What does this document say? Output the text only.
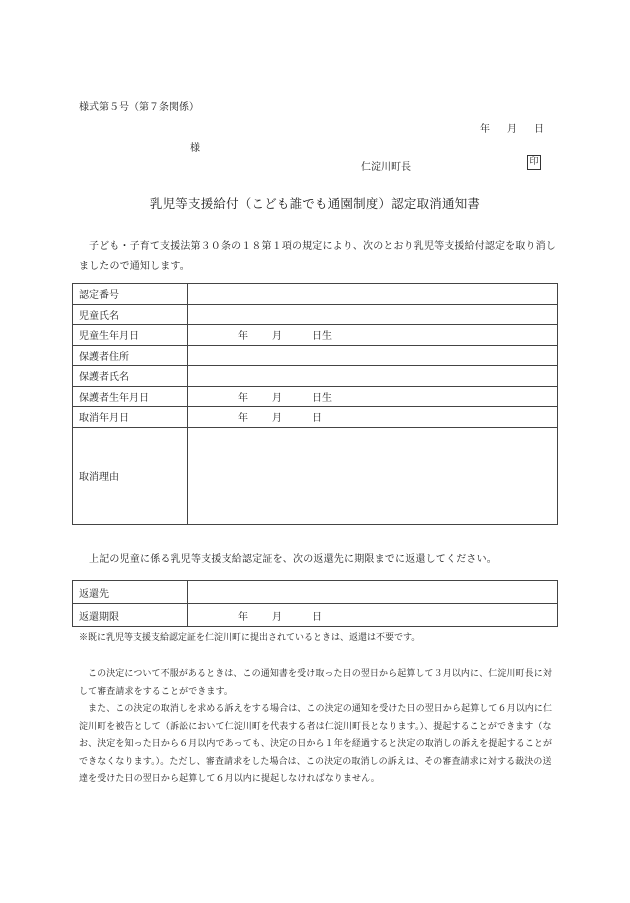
様式第５号（第７条関係）
年 月 日
様
仁淀川町長	印
乳児等支援給付（こども誰でも通園制度）認定取消通知書
子ども・子育て支援法第３０条の１８第１項の規定により、次のとおり乳児等支援給付認定を取り消しましたので通知します。
認定番号	
児童氏名	
児童生年月日	年 月 日生

保護者住所	
保護者氏名	
保護者生年月日	年 月 日生

取消年月日	年 月 日

取消理由	
上記の児童に係る乳児等支援支給認定証を、次の返還先に期限までに返還してください。
返還先	
返還期限	年 月 日
※既に乳児等支援支給認定証を仁淀川町に提出されているときは、返還は不要です。

この決定について不服があるときは、この通知書を受け取った日の翌日から起算して３月以内に、仁淀川町長に対して審査請求をすることができます。

また、この決定の取消しを求める訴えをする場合は、この決定の通知を受けた日の翌日から起算して６月以内に仁淀川町を被告として（訴訟において仁淀川町を代表する者は仁淀川町長となります。）、提起することができます（なお、決定を知った日から６月以内であっても、決定の日から１年を経過すると決定の取消しの訴えを提起することができなくなります。）。ただし、審査請求をした場合は、この決定の取消しの訴えは、その審査請求に対する裁決の送達を受けた日の翌日から起算して６月以内に提起しなければなりません。
